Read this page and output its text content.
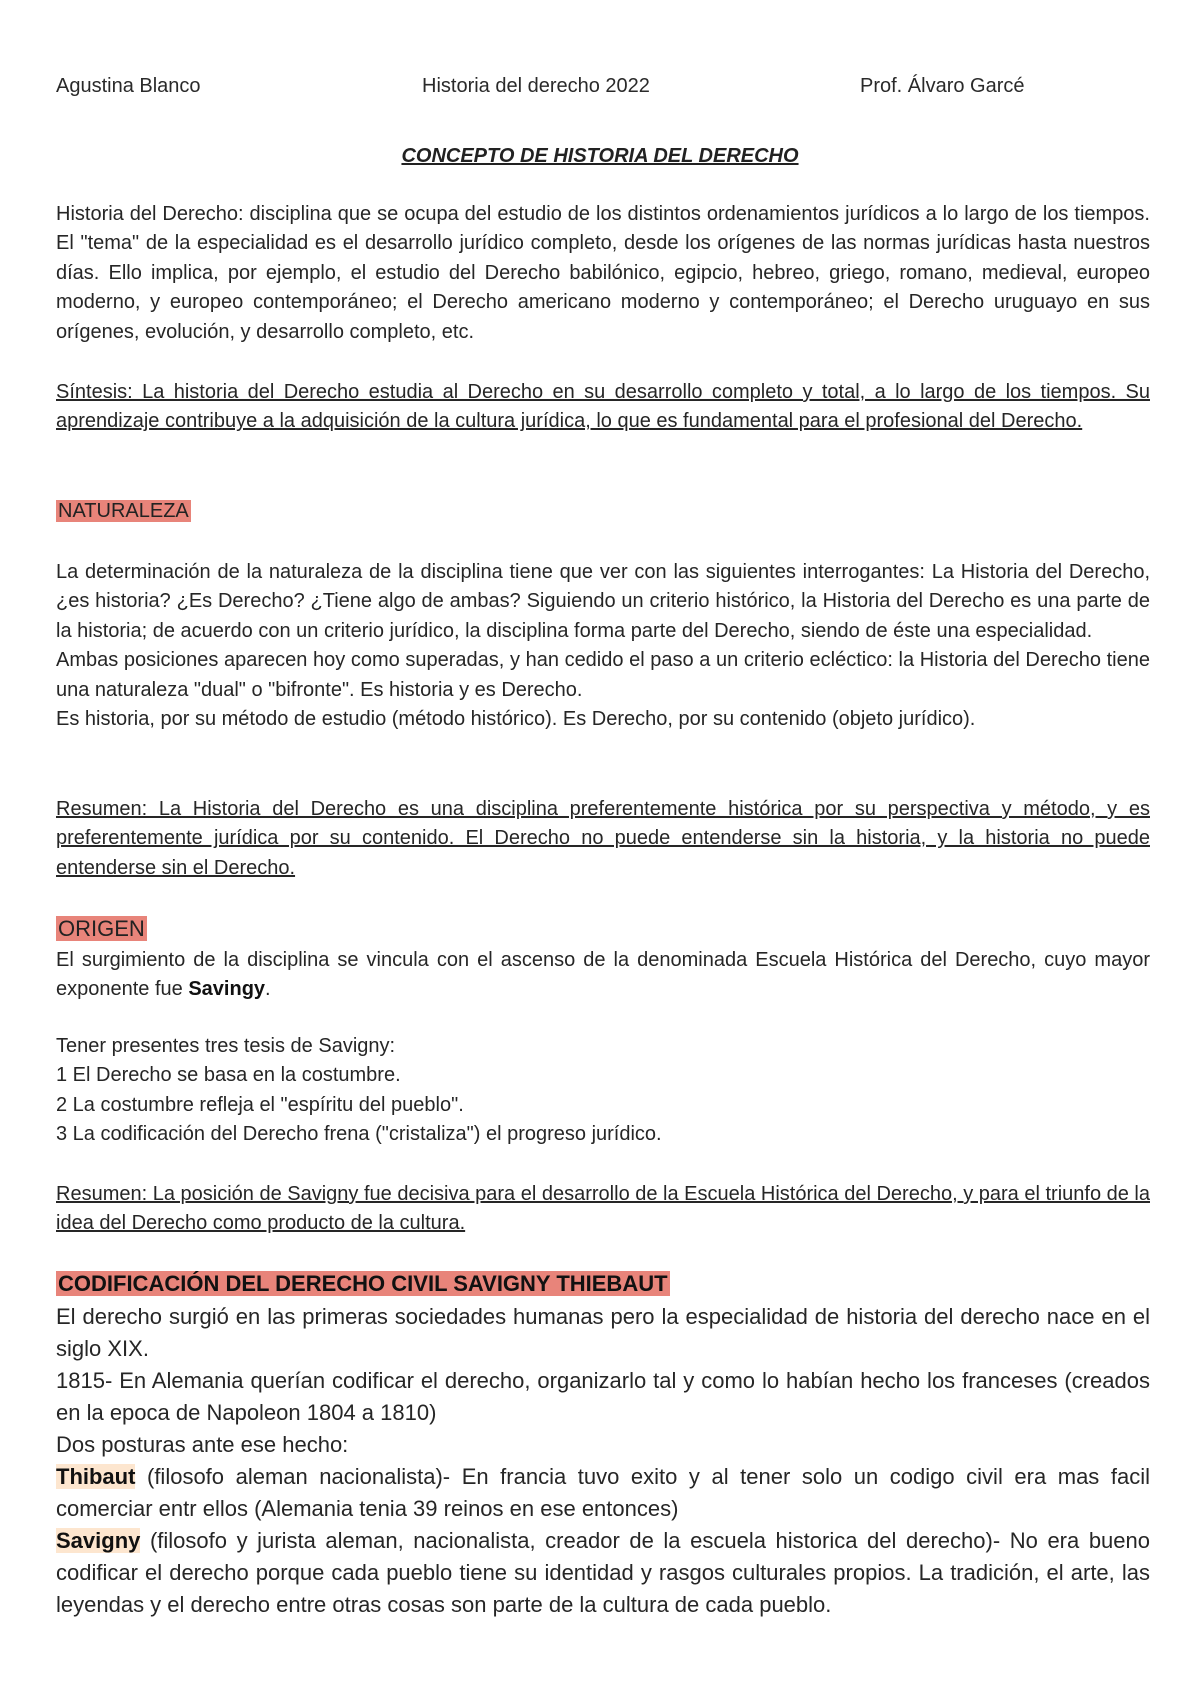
Agustina Blanco	Historia del derecho 2022	Prof. Álvaro Garcé

CONCEPTO DE HISTORIA DEL DERECHO

Historia del Derecho: disciplina que se ocupa del estudio de los distintos ordenamientos jurídicos a lo largo de los tiempos. El "tema" de la especialidad es el desarrollo jurídico completo, desde los orígenes de las normas jurídicas hasta nuestros días. Ello implica, por ejemplo, el estudio del Derecho babilónico, egipcio, hebreo, griego, romano, medieval, europeo moderno, y europeo contemporáneo; el Derecho americano moderno y contemporáneo; el Derecho uruguayo en sus orígenes, evolución, y desarrollo completo, etc.

Síntesis: La historia del Derecho estudia al Derecho en su desarrollo completo y total, a lo largo de los tiempos. Su aprendizaje contribuye a la adquisición de la cultura jurídica, lo que es fundamental para el profesional del Derecho.

NATURALEZA

La determinación de la naturaleza de la disciplina tiene que ver con las siguientes interrogantes: La Historia del Derecho, ¿es historia? ¿Es Derecho? ¿Tiene algo de ambas? Siguiendo un criterio histórico, la Historia del Derecho es una parte de la historia; de acuerdo con un criterio jurídico, la disciplina forma parte del Derecho, siendo de éste una especialidad.
Ambas posiciones aparecen hoy como superadas, y han cedido el paso a un criterio ecléctico: la Historia del Derecho tiene una naturaleza "dual" o "bifronte". Es historia y es Derecho.
Es historia, por su método de estudio (método histórico). Es Derecho, por su contenido (objeto jurídico).

Resumen: La Historia del Derecho es una disciplina preferentemente histórica por su perspectiva y método, y es preferentemente jurídica por su contenido. El Derecho no puede entenderse sin la historia, y la historia no puede entenderse sin el Derecho.

ORIGEN

El surgimiento de la disciplina se vincula con el ascenso de la denominada Escuela Histórica del Derecho, cuyo mayor exponente fue Savingy.

Tener presentes tres tesis de Savigny:
1 El Derecho se basa en la costumbre.
2 La costumbre refleja el "espíritu del pueblo".
3 La codificación del Derecho frena ("cristaliza") el progreso jurídico.

Resumen: La posición de Savigny fue decisiva para el desarrollo de la Escuela Histórica del Derecho, y para el triunfo de la idea del Derecho como producto de la cultura.

CODIFICACIÓN DEL DERECHO CIVIL SAVIGNY THIEBAUT

El derecho surgió en las primeras sociedades humanas pero la especialidad de historia del derecho nace en el siglo XIX.
1815- En Alemania querían codificar el derecho, organizarlo tal y como lo habían hecho los franceses (creados en la epoca de Napoleon 1804 a 1810)
Dos posturas ante ese hecho:
Thibaut (filosofo aleman nacionalista)- En francia tuvo exito y al tener solo un codigo civil era mas facil comerciar entr ellos (Alemania tenia 39 reinos en ese entonces)
Savigny (filosofo y jurista aleman, nacionalista, creador de la escuela historica del derecho)- No era bueno codificar el derecho porque cada pueblo tiene su identidad y rasgos culturales propios. La tradición, el arte, las leyendas y el derecho entre otras cosas son parte de la cultura de cada pueblo.
